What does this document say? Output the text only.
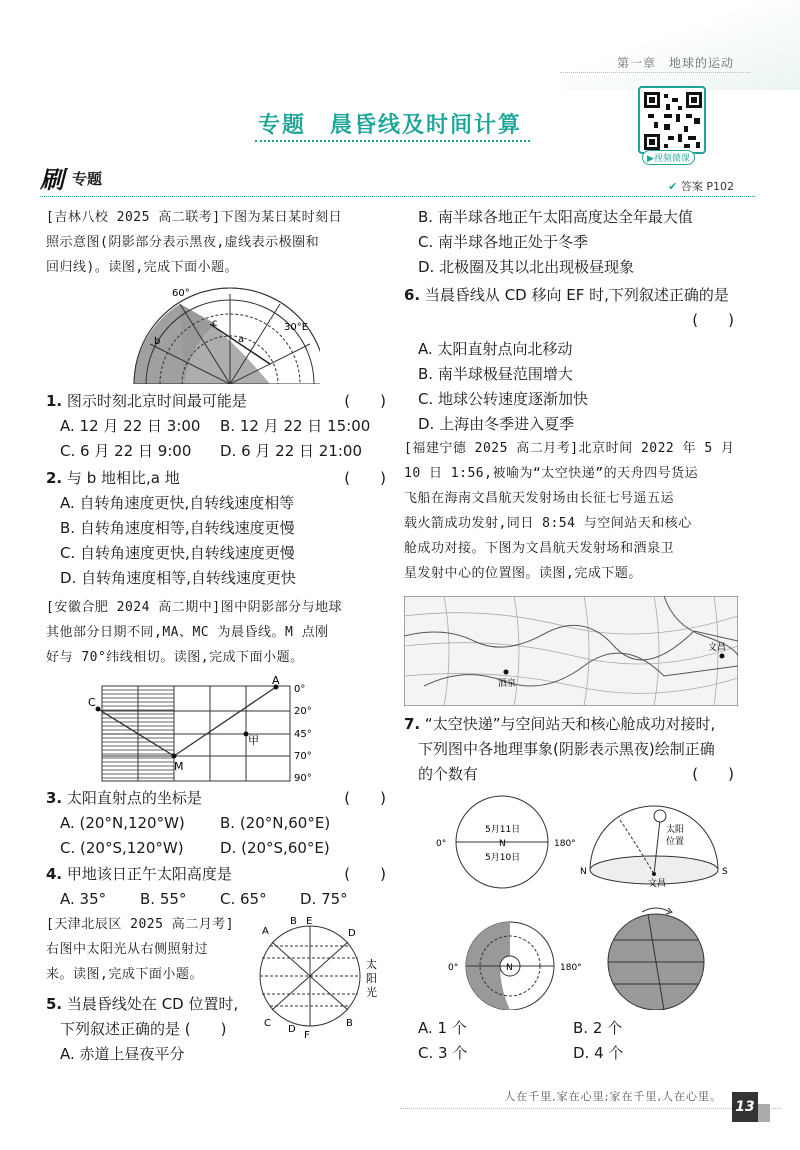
第一章　地球的运动
专题　晨昏线及时间计算
▶视频微课
刷 专题	✔ 答案 P102
[吉林八校 2025 高二联考]下图为某日某时刻日
照示意图(阴影部分表示黑夜,虚线表示极圈和
回归线)。读图,完成下面小题。
60°
30°E
b
c
a
1. 图示时刻北京时间最可能是	(　　)
A. 12 月 22 日 3:00	B. 12 月 22 日 15:00
C. 6 月 22 日 9:00	D. 6 月 22 日 21:00
2. 与 b 地相比,a 地	(　　)
A. 自转角速度更快,自转线速度相等
B. 自转角速度相等,自转线速度更慢
C. 自转角速度更快,自转线速度更慢
D. 自转角速度相等,自转线速度更快
[安徽合肥 2024 高二期中]图中阴影部分与地球
其他部分日期不同,MA、MC 为晨昏线。M 点刚
好与 70°纬线相切。读图,完成下面小题。
C
A
M
甲
0°
20°
45°
70°
90°
3. 太阳直射点的坐标是	(　　)
A. (20°N,120°W)	B. (20°N,60°E)
C. (20°S,120°W)	D. (20°S,60°E)
4. 甲地该日正午太阳高度是	(　　)
A. 35°	B. 55°	C. 65°	D. 75°
[天津北辰区 2025 高二月考]
右图中太阳光从右侧照射过
来。读图,完成下面小题。
A
B E
D
C
D
F
B
太
阳
光
5. 当晨昏线处在 CD 位置时,
下列叙述正确的是 (　　)
A. 赤道上昼夜平分
B. 南半球各地正午太阳高度达全年最大值
C. 南半球各地正处于冬季
D. 北极圈及其以北出现极昼现象
6. 当晨昏线从 CD 移向 EF 时,下列叙述正确的是
(　　)
A. 太阳直射点向北移动
B. 南半球极昼范围增大
C. 地球公转速度逐渐加快
D. 上海由冬季进入夏季
[福建宁德 2025 高二月考]北京时间 2022 年 5 月
10 日 1:56,被喻为“太空快递”的天舟四号货运
飞船在海南文昌航天发射场由长征七号遥五运
载火箭成功发射,同日 8:54 与空间站天和核心
舱成功对接。下图为文昌航天发射场和酒泉卫
星发射中心的位置图。读图,完成下题。
酒泉
文昌
7. “太空快递”与空间站天和核心舱成功对接时,
下列图中各地理事象(阴影表示黑夜)绘制正确
的个数有	(　　)
5月11日
N
5月10日
0°	180°
太阳
位置
N	S
文昌
N
0°	180°
A. 1 个	B. 2 个
C. 3 个	D. 4 个
人在千里,家在心里;家在千里,人在心里。
13
